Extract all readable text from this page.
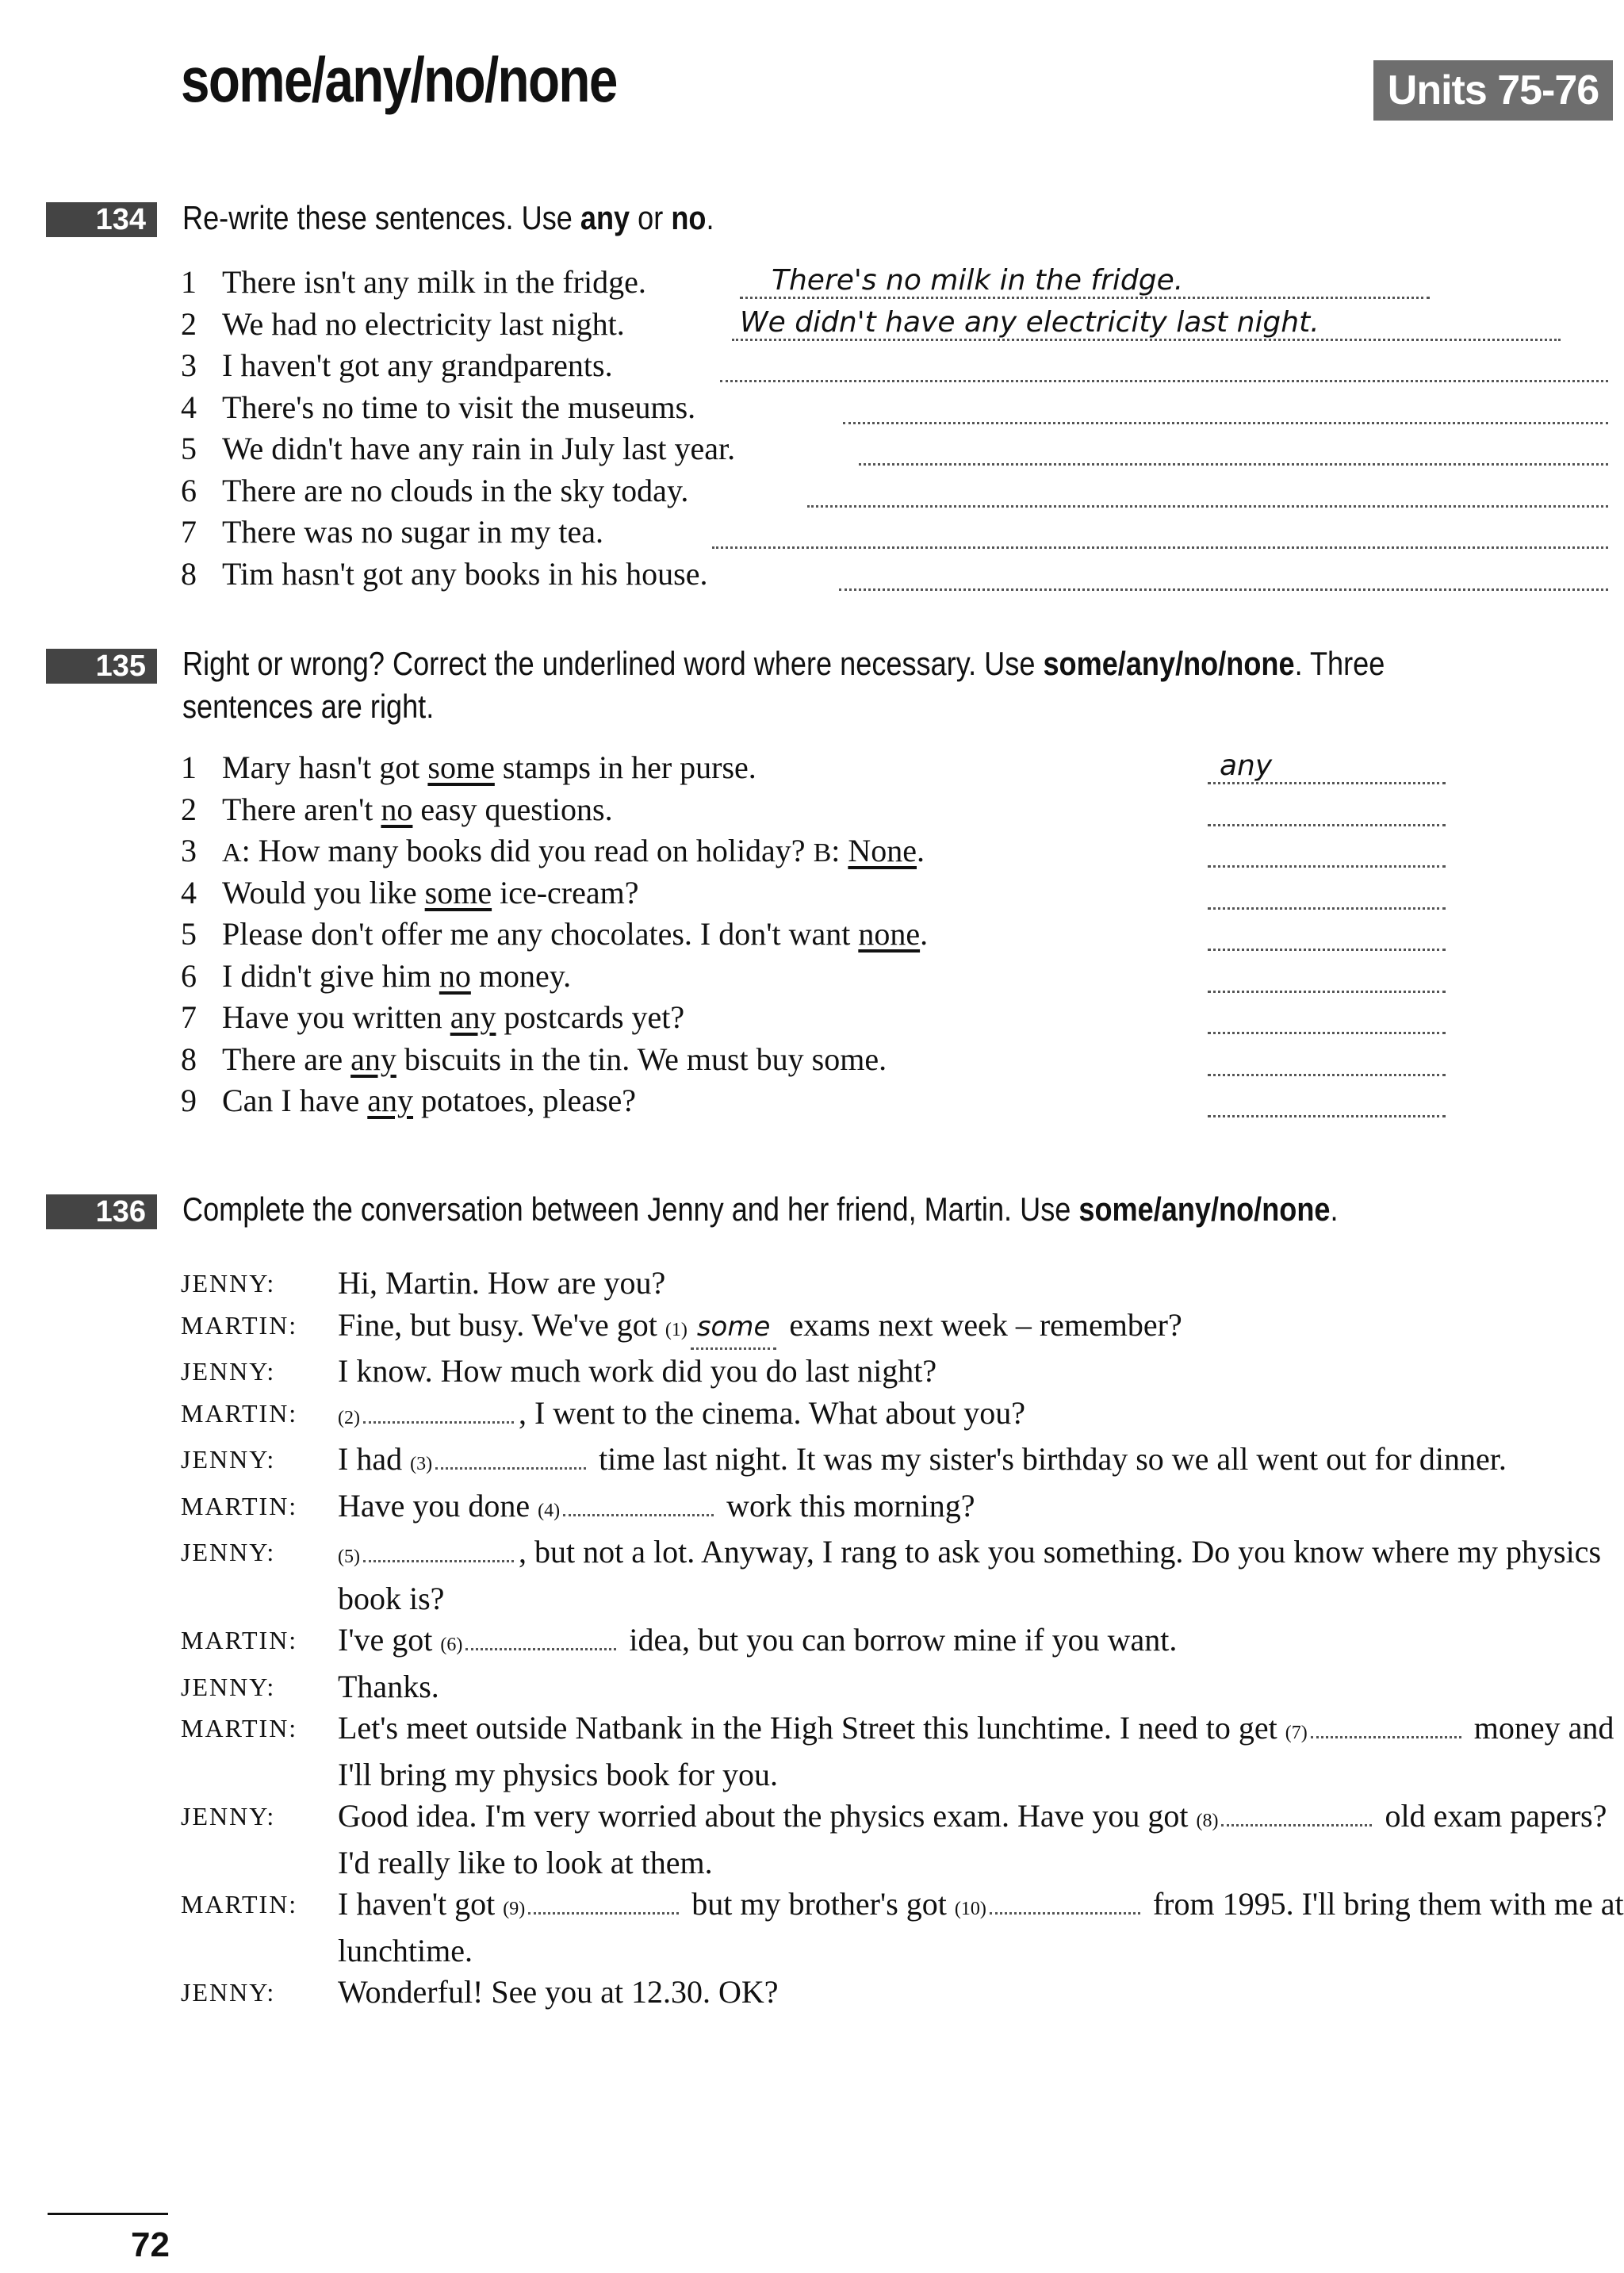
some/any/no/none	Units 75-76
134	Re-write these sentences. Use any or no.
1 There isn't any milk in the fridge.	There's no milk in the fridge.
2 We had no electricity last night.	We didn't have any electricity last night.
3 I haven't got any grandparents.
4 There's no time to visit the museums.
5 We didn't have any rain in July last year.
6 There are no clouds in the sky today.
7 There was no sugar in my tea.
8 Tim hasn't got any books in his house.
135	Right or wrong? Correct the underlined word where necessary. Use some/any/no/none. Three sentences are right.
1 Mary hasn't got some stamps in her purse.	any
2 There aren't no easy questions.
3 A: How many books did you read on holiday? B: None.
4 Would you like some ice-cream?
5 Please don't offer me any chocolates. I don't want none.
6 I didn't give him no money.
7 Have you written any postcards yet?
8 There are any biscuits in the tin. We must buy some.
9 Can I have any potatoes, please?
136	Complete the conversation between Jenny and her friend, Martin. Use some/any/no/none.
JENNY:	Hi, Martin. How are you?
MARTIN:	Fine, but busy. We've got (1) some exams next week – remember?
JENNY:	I know. How much work did you do last night?
MARTIN:	(2)	, I went to the cinema. What about you?
JENNY:	I had (3)	time last night. It was my sister's birthday so we all went out for dinner.
MARTIN:	Have you done (4)	work this morning?
JENNY:	(5)	, but not a lot. Anyway, I rang to ask you something. Do you know where my physics book is?
MARTIN:	I've got (6)	idea, but you can borrow mine if you want.
JENNY:	Thanks.
MARTIN:	Let's meet outside Natbank in the High Street this lunchtime. I need to get (7)	money and I'll bring my physics book for you.
JENNY:	Good idea. I'm very worried about the physics exam. Have you got (8)	old exam papers? I'd really like to look at them.
MARTIN:	I haven't got (9)	but my brother's got (10)	from 1995. I'll bring them with me at lunchtime.
JENNY:	Wonderful! See you at 12.30. OK?
72
